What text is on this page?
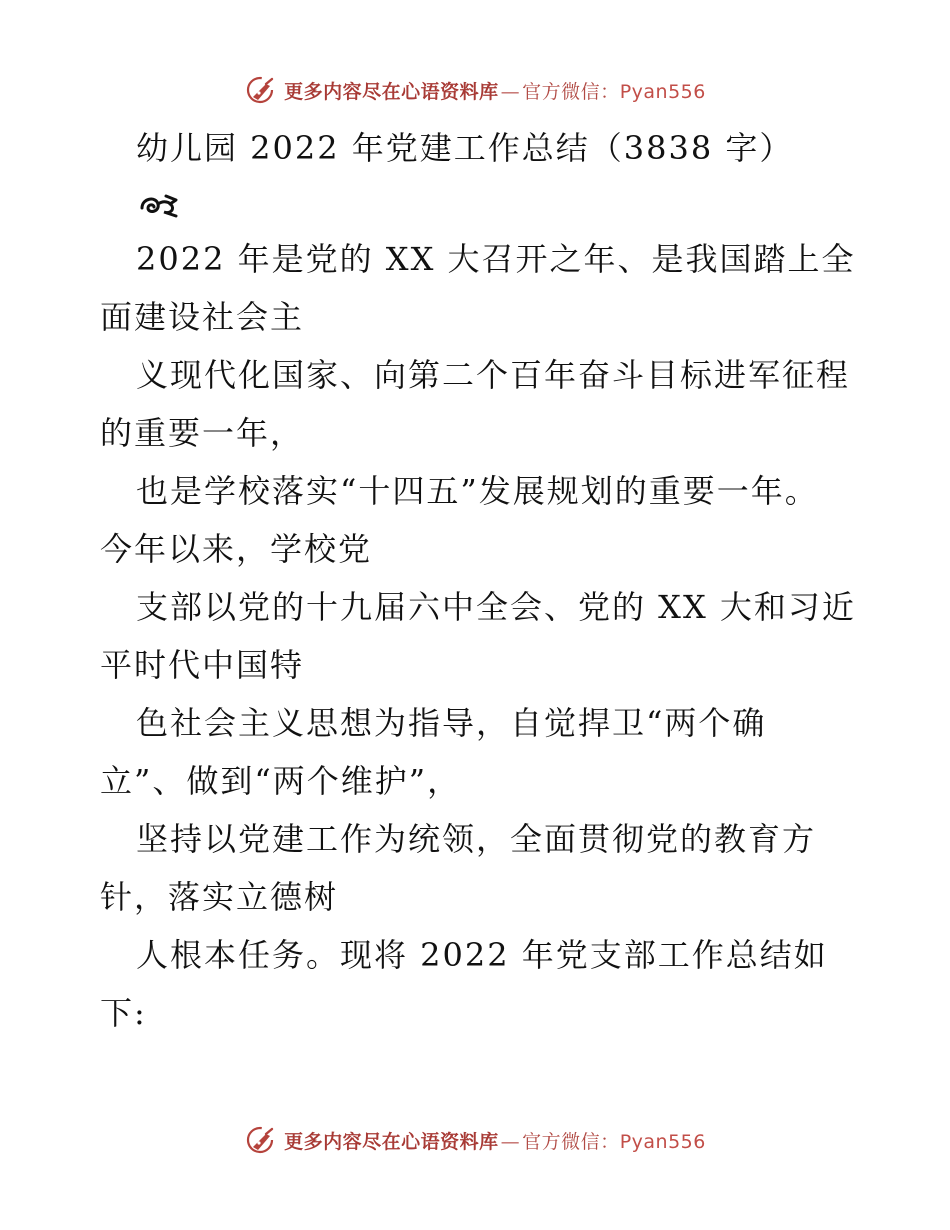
更多内容尽在心语资料库 — 官方微信：Pyan556
幼儿园 2022 年党建工作总结（3838 字）

2022 年是党的 XX 大召开之年、是我国踏上全
面建设社会主

义现代化国家、向第二个百年奋斗目标进军征程
的重要一年，

也是学校落实“十四五”发展规划的重要一年。
今年以来，学校党

支部以党的十九届六中全会、党的 XX 大和习近
平时代中国特

色社会主义思想为指导，自觉捍卫“两个确
立”、做到“两个维护”，

坚持以党建工作为统领，全面贯彻党的教育方
针，落实立德树

人根本任务。现将 2022 年党支部工作总结如
下:

更多内容尽在心语资料库 — 官方微信：Pyan556
